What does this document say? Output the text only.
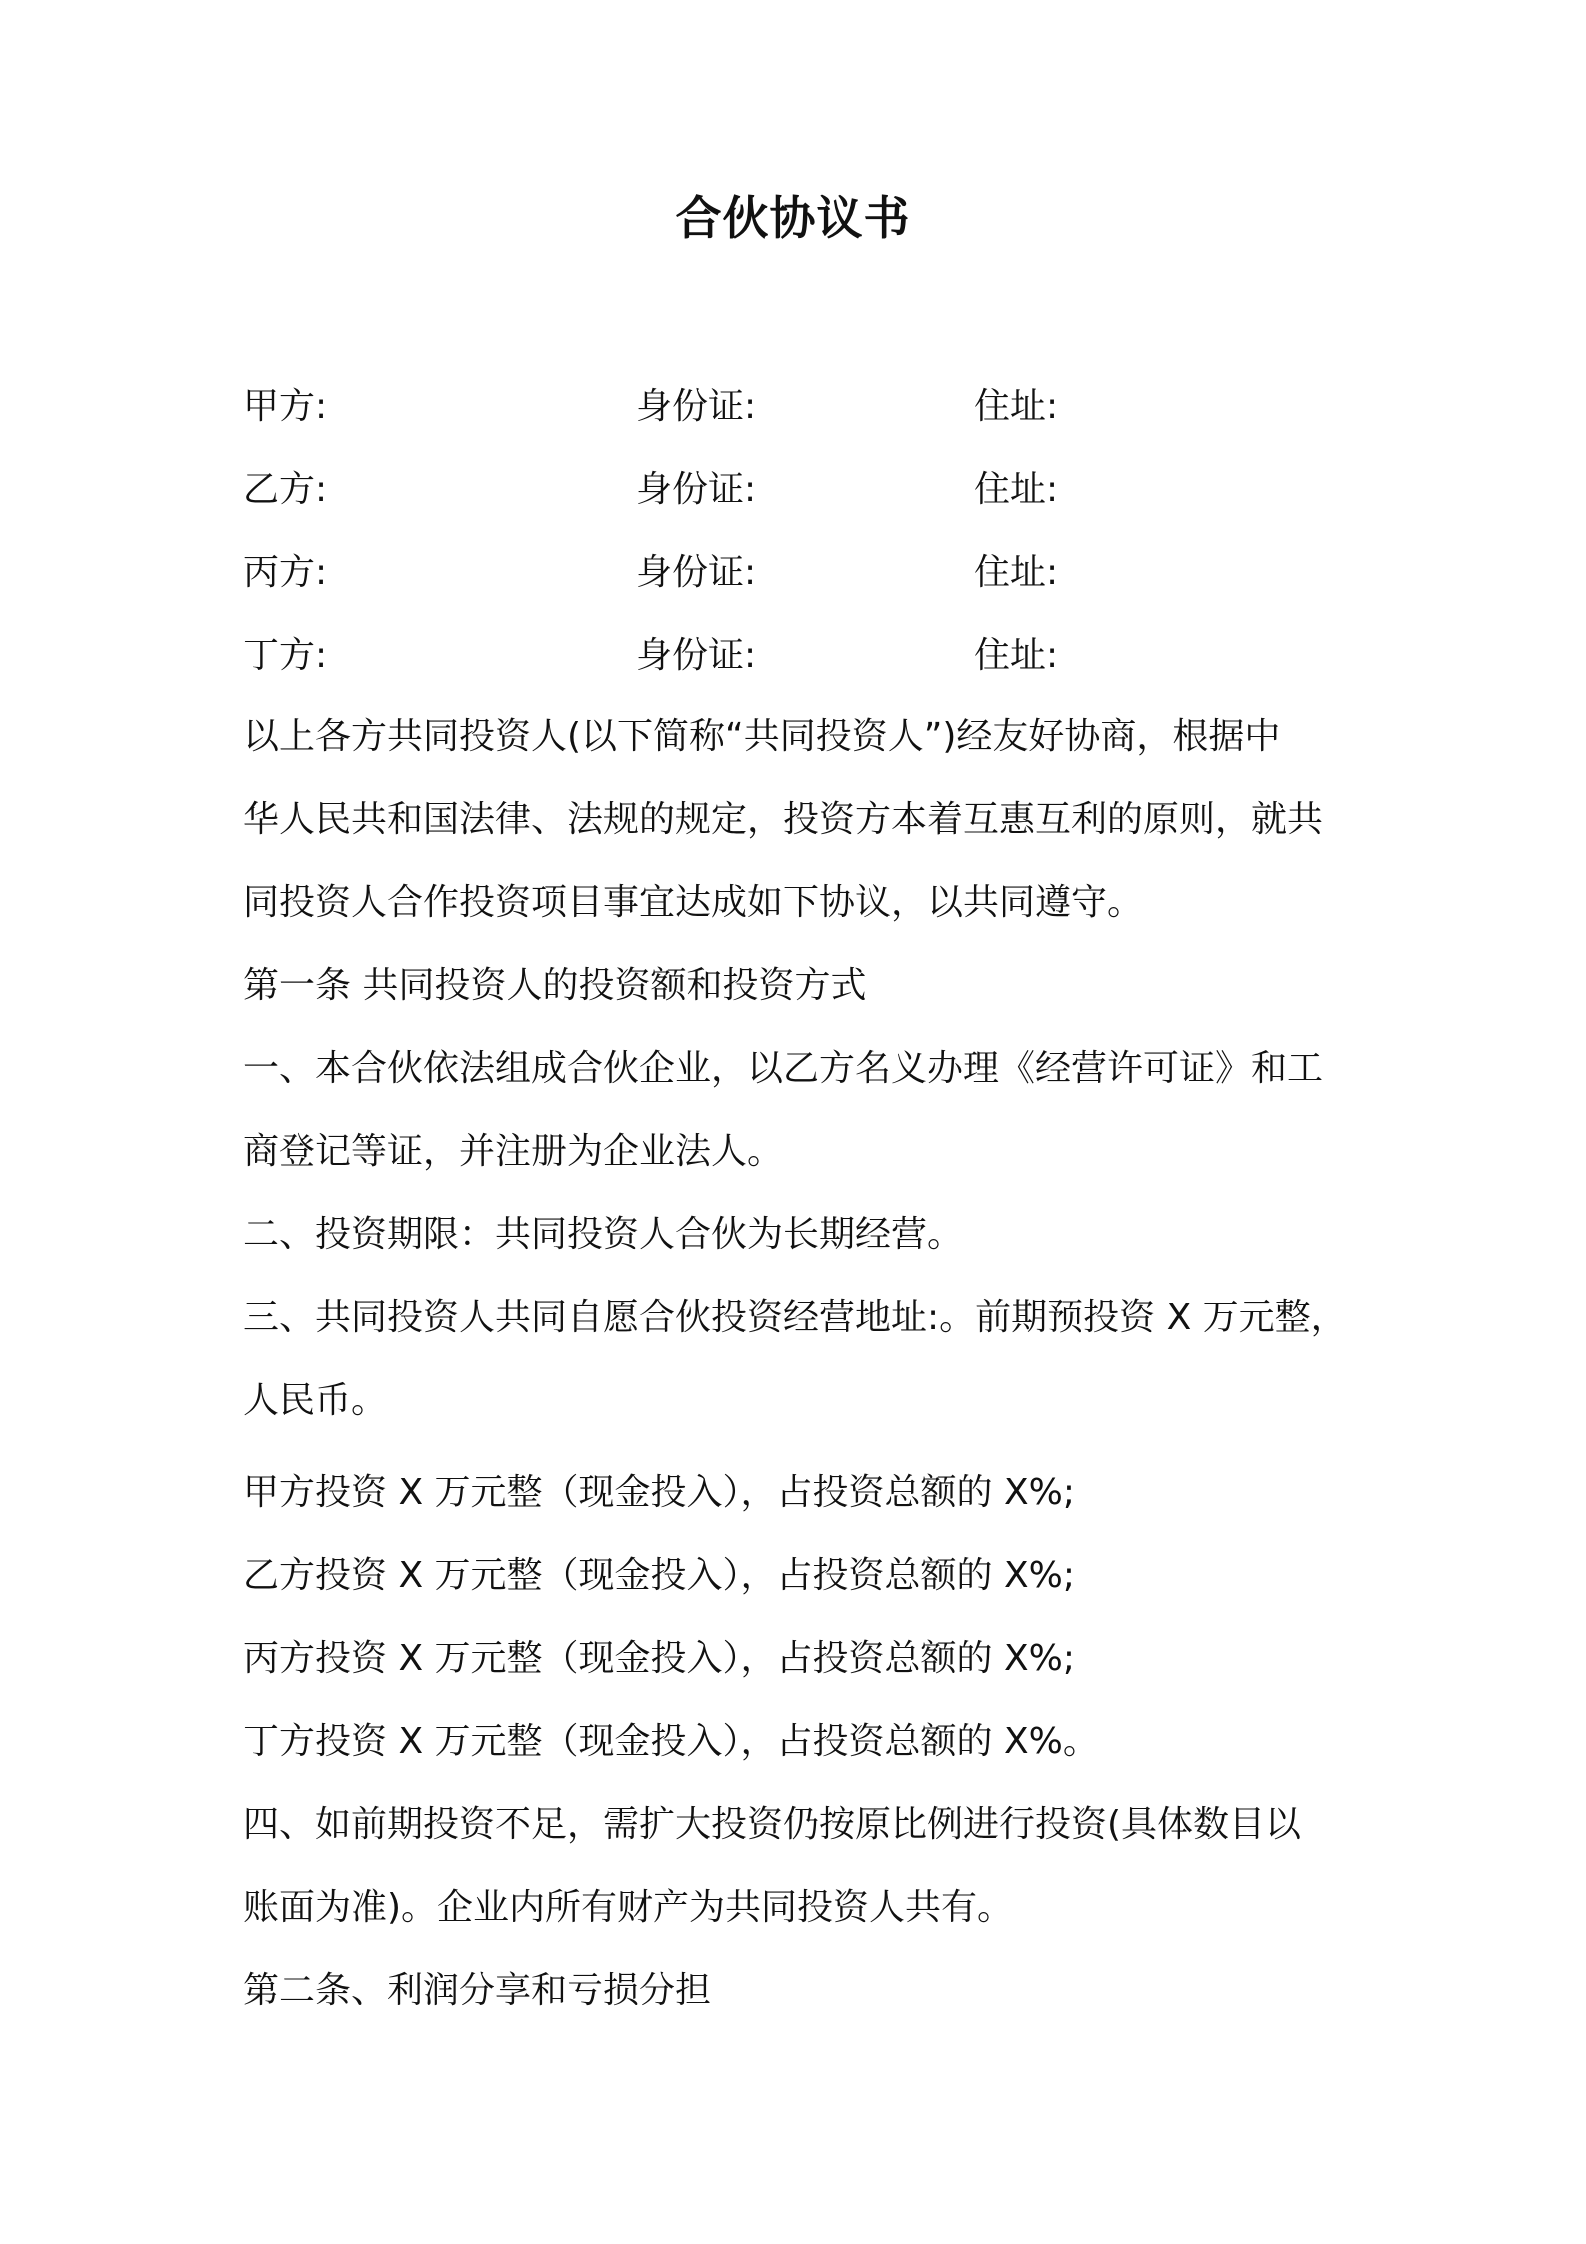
合伙协议书
甲方:	身份证:	住址:
乙方:	身份证:	住址:
丙方:	身份证:	住址:
丁方:	身份证:	住址:
以上各方共同投资人(以下简称“共同投资人”)经友好协商，根据中
华人民共和国法律、法规的规定，投资方本着互惠互利的原则，就共
同投资人合作投资项目事宜达成如下协议，以共同遵守。
第一条 共同投资人的投资额和投资方式
一、本合伙依法组成合伙企业，以乙方名义办理《经营许可证》和工
商登记等证，并注册为企业法人。
二、投资期限：共同投资人合伙为长期经营。
三、共同投资人共同自愿合伙投资经营地址:。前期预投资 X 万元整，
人民币。
甲方投资 X 万元整（现金投入），占投资总额的 X%;
乙方投资 X 万元整（现金投入），占投资总额的 X%;
丙方投资 X 万元整（现金投入），占投资总额的 X%;
丁方投资 X 万元整（现金投入），占投资总额的 X%。
四、如前期投资不足，需扩大投资仍按原比例进行投资(具体数目以
账面为准)。企业内所有财产为共同投资人共有。
第二条、利润分享和亏损分担
